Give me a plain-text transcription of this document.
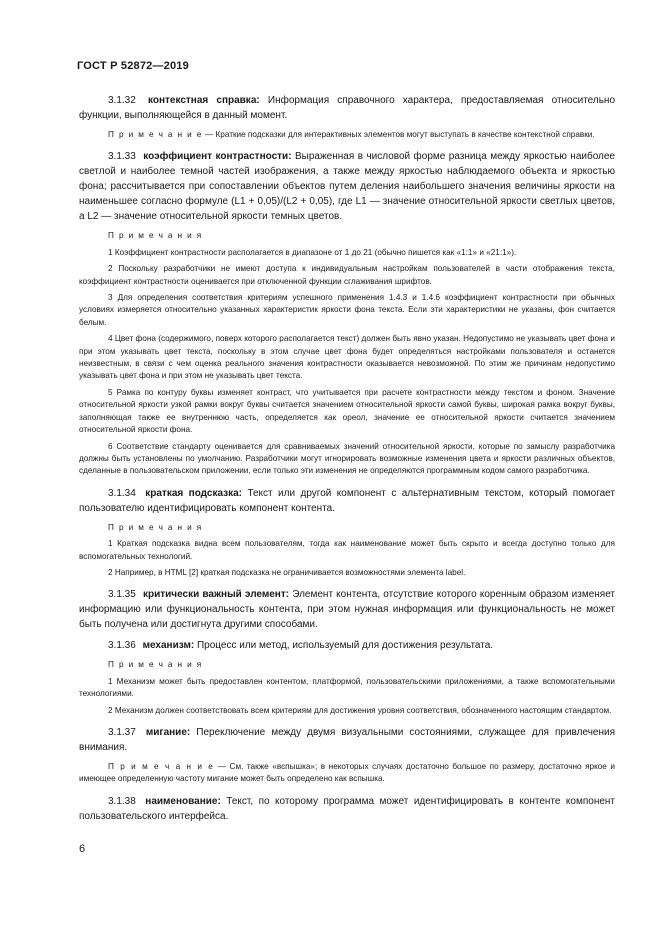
ГОСТ Р 52872—2019

3.1.32 контекстная справка: Информация справочного характера, предоставляемая относительно функции, выполняющейся в данный момент.

П р и м е ч а н и е — Краткие подсказки для интерактивных элементов могут выступать в качестве контекстной справки.

3.1.33 коэффициент контрастности: Выраженная в числовой форме разница между яркостью наиболее светлой и наиболее темной частей изображения, а также между яркостью наблюдаемого объекта и яркостью фона; рассчитывается при сопоставлении объектов путем деления наибольшего значения величины яркости на наименьшее согласно формуле (L1 + 0,05)/(L2 + 0,05), где L1 — значение относительной яркости светлых цветов, а L2 — значение относительной яркости темных цветов.

П р и м е ч а н и я

1 Коэффициент контрастности располагается в диапазоне от 1 до 21 (обычно пишется как «1:1» и «21:1»).

2 Поскольку разработчики не имеют доступа к индивидуальным настройкам пользователей в части отображения текста, коэффициент контрастности оценивается при отключенной функции сглаживания шрифтов.

3 Для определения соответствия критериям успешного применения 1.4.3 и 1.4.6 коэффициент контрастности при обычных условиях измеряется относительно указанных характеристик яркости фона текста. Если эти характеристики не указаны, фон считается белым.

4 Цвет фона (содержимого, поверх которого располагается текст) должен быть явно указан. Недопустимо не указывать цвет фона и при этом указывать цвет текста, поскольку в этом случае цвет фона будет определяться настройками пользователя и останется неизвестным, в связи с чем оценка реального значения контрастности оказывается невозможной. По этим же причинам недопустимо указывать цвет фона и при этом не указывать цвет текста.

5 Рамка по контуру буквы изменяет контраст, что учитывается при расчете контрастности между текстом и фоном. Значение относительной яркости узкой рамки вокруг буквы считается значением относительной яркости самой буквы, широкая рамка вокруг буквы, заполняющая также ее внутреннюю часть, определяется как ореол, значение ее относительной яркости считается значением относительной яркости фона.

6 Соответствие стандарту оценивается для сравниваемых значений относительной яркости, которые по замыслу разработчика должны быть установлены по умолчанию. Разработчики могут игнорировать возможные изменения цвета и яркости различных объектов, сделанные в пользовательском приложении, если только эти изменения не определяются программным кодом самого разработчика.

3.1.34 краткая подсказка: Текст или другой компонент с альтернативным текстом, который помогает пользователю идентифицировать компонент контента.

П р и м е ч а н и я

1 Краткая подсказка видна всем пользователям, тогда как наименование может быть скрыто и всегда доступно только для вспомогательных технологий.

2 Например, в HTML [2] краткая подсказка не ограничивается возможностями элемента label.

3.1.35 критически важный элемент: Элемент контента, отсутствие которого коренным образом изменяет информацию или функциональность контента, при этом нужная информация или функциональность не может быть получена или достигнута другими способами.

3.1.36 механизм: Процесс или метод, используемый для достижения результата.

П р и м е ч а н и я

1 Механизм может быть предоставлен контентом, платформой, пользовательскими приложениями, а также вспомогательными технологиями.

2 Механизм должен соответствовать всем критериям для достижения уровня соответствия, обозначенного настоящим стандартом.

3.1.37 мигание: Переключение между двумя визуальными состояниями, служащее для привлечения внимания.

П р и м е ч а н и е — См. также «вспышка»; в некоторых случаях достаточно большое по размеру, достаточно яркое и имеющее определенную частоту мигание может быть определено как вспышка.

3.1.38 наименование: Текст, по которому программа может идентифицировать в контенте компонент пользовательского интерфейса.

6
